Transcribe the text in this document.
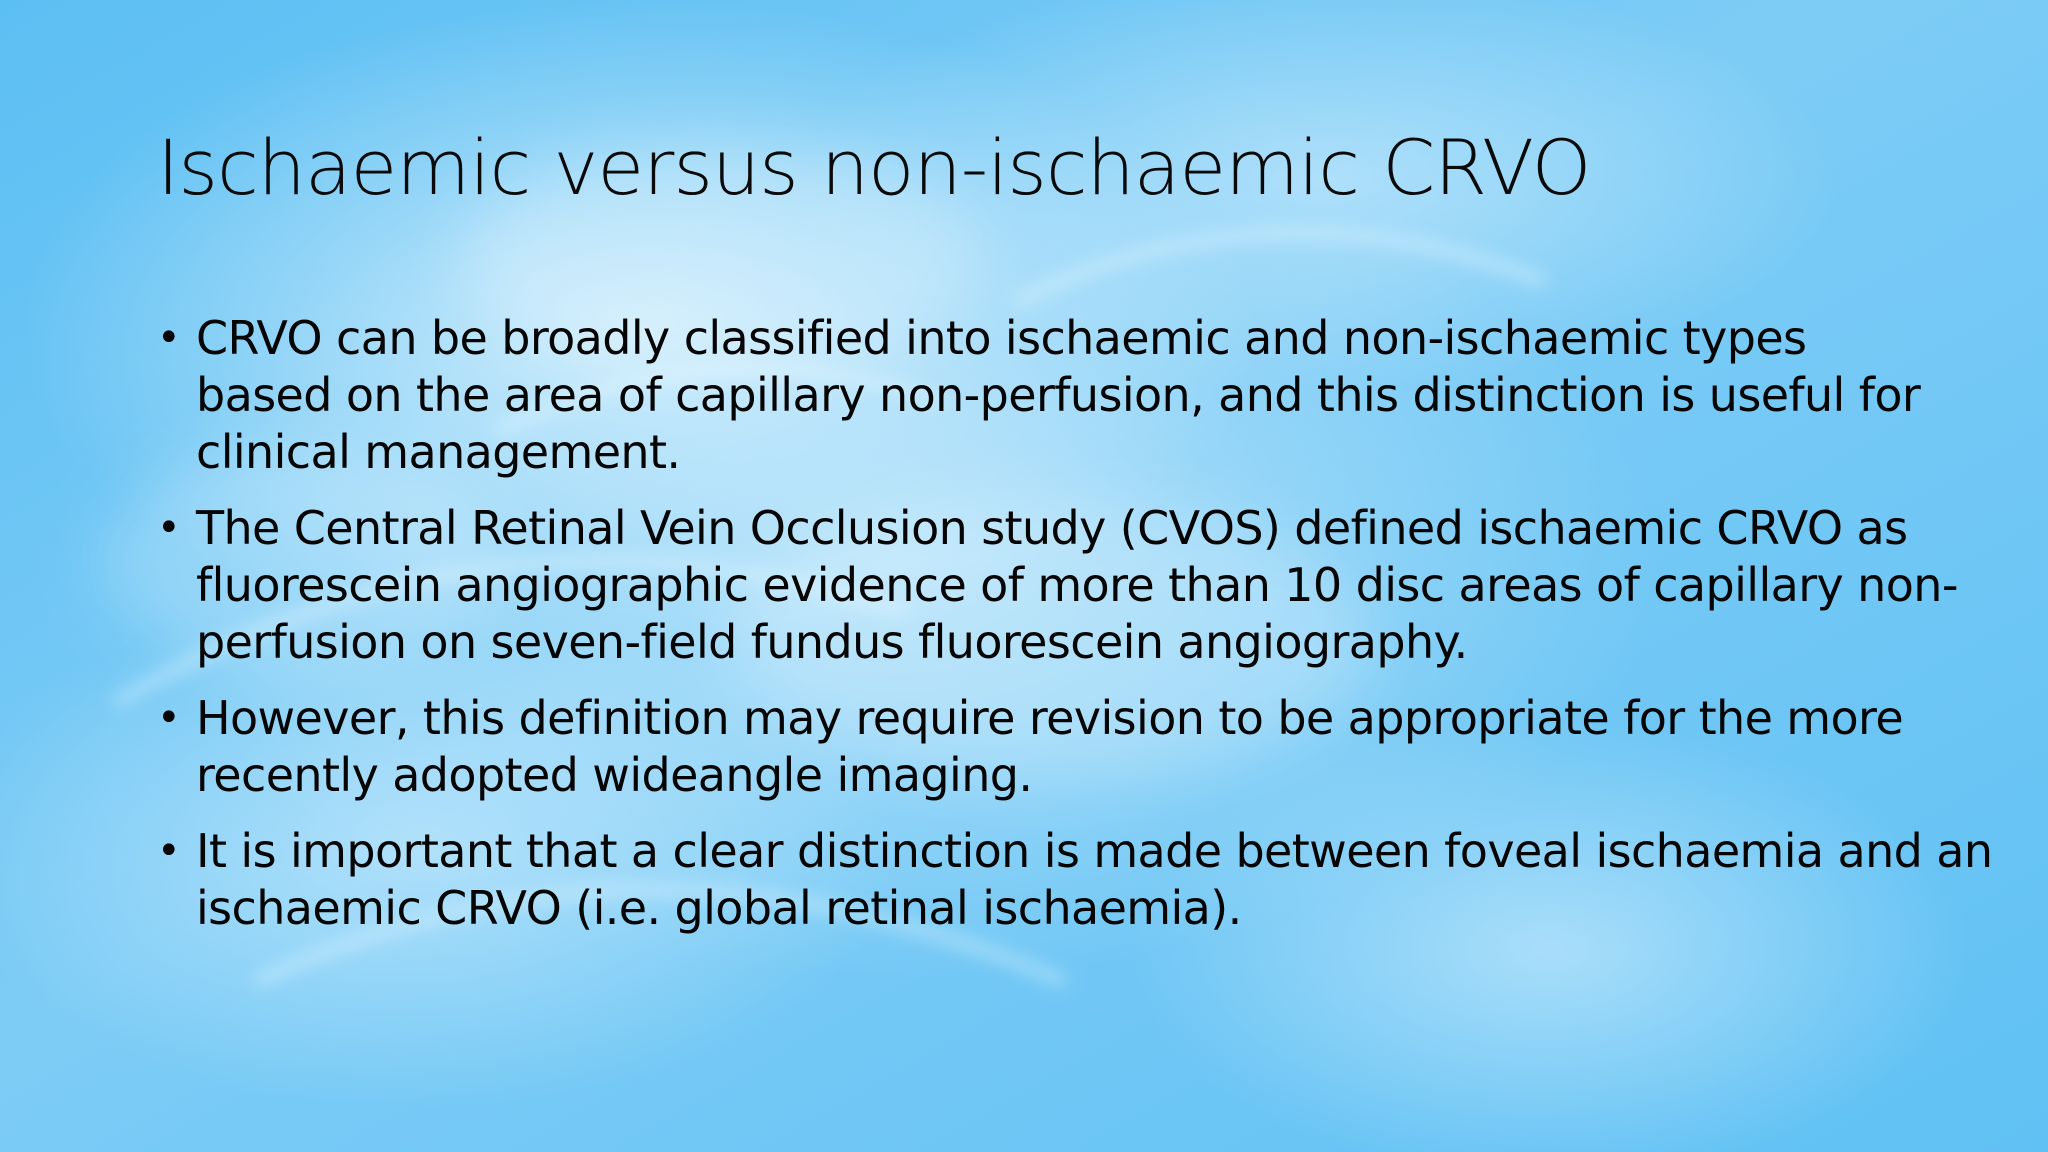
Ischaemic versus non-ischaemic CRVO
• CRVO can be broadly classified into ischaemic and non-ischaemic types based on the area of capillary non-perfusion, and this distinction is useful for clinical management.
• The Central Retinal Vein Occlusion study (CVOS) defined ischaemic CRVO as fluorescein angiographic evidence of more than 10 disc areas of capillary non-perfusion on seven-field fundus fluorescein angiography.
• However, this definition may require revision to be appropriate for the more recently adopted wideangle imaging.
• It is important that a clear distinction is made between foveal ischaemia and an ischaemic CRVO (i.e. global retinal ischaemia).
